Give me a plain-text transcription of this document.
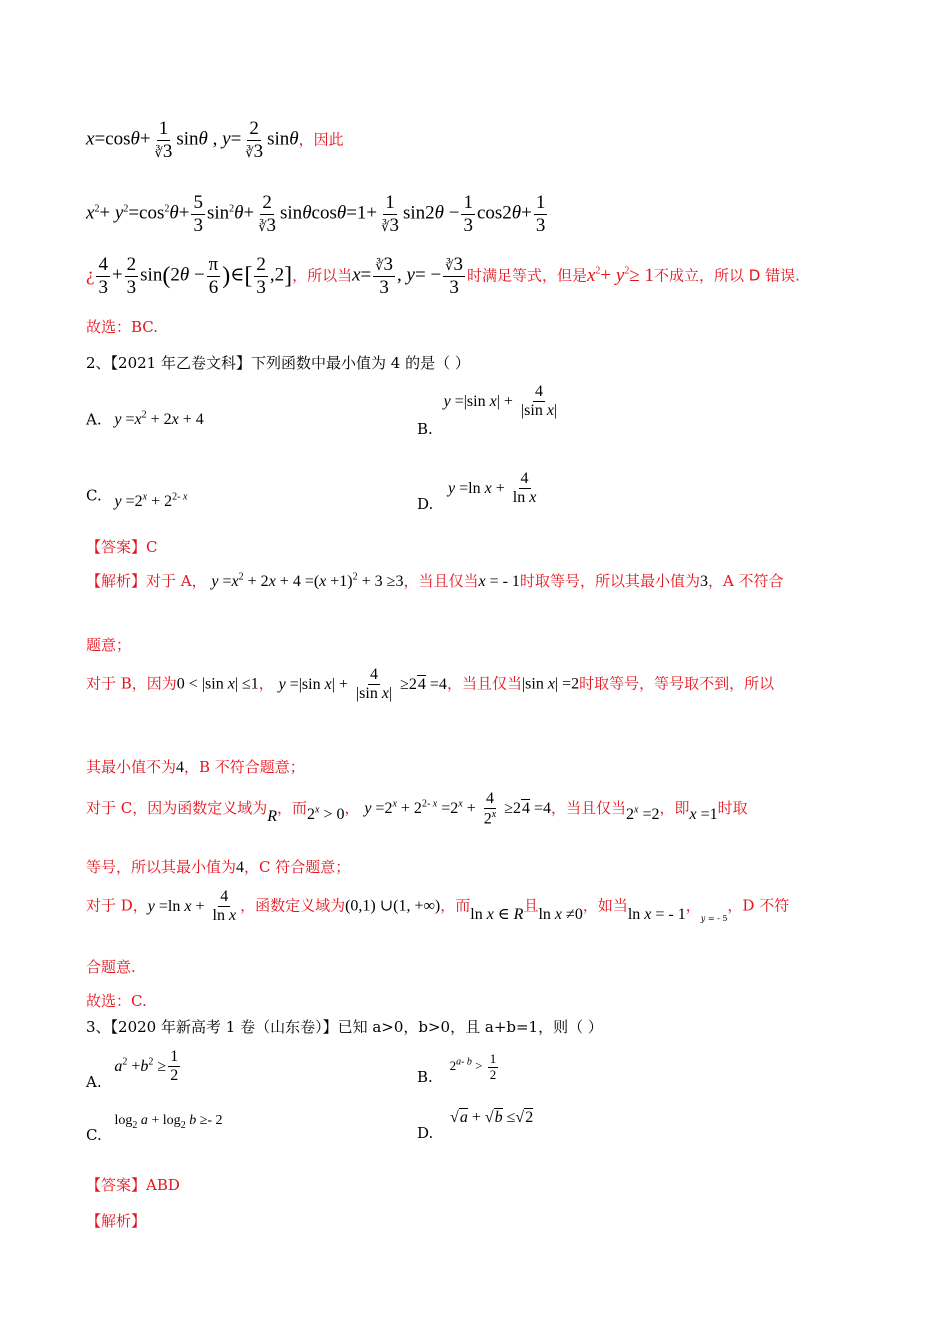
$x=\cos\theta+ \frac{1}{∛3}$ sinθ , $y= \frac{2}{∛3}$ sinθ，因此
$x^2+ y^2=\cos^2\theta+ \frac{5}{3} \sin^2\theta+ \frac{2}{∛3} \sin\theta\cos\theta=1+ \frac{1}{∛3} \sin 2\theta - \frac{1}{3} \cos 2\theta+ \frac{1}{3}$
¿ $\frac{4}{3} + \frac{2}{3} \sin(2\theta - \frac{\pi}{6}$ )∈[ $\frac{2}{3} ,2$]，所以当$x= \frac{∛3}{3}$ , $y= - \frac{∛3}{3}$ 时满足等式，但是$x^2+ y^2\ge 1$不成立，所以 D 错误.
故选：BC.
2、【2021 年乙卷文科】下列函数中最小值为 4 的是（ ）
A. $y =x^2 + 2x + 4$	B. y =|sin $x| + \frac{4}{\text{|sin x|}}$
C. $y =2^x + 2^{2- x}$	D. y =ln $x + \frac{4}{\text{ln x}}$
【答案】C
【解析】对于 A， $y =x^2 + 2x + 4 =(x +1)^2 + 3 \ge 3$，当且仅当x = - 1时取等号，所以其最小值为3，A 不符合
题意；
对于 B，因为0 < |sin x| ≤1， y =|sin $x| + \frac{4}{\text{|sin x|}} \ge 24 =4$，当且仅当|sin x| =2时取等号，等号取不到，所以
其最小值不为4，B 不符合题意；
对于 C，因为函数定义域为R，而$2^x > 0$， $y =2^x + 2^{2- x} =2^x + \frac{4}{2^x} \ge 24 =4$，当且仅当$2^x =2$，即x =1时取
等号，所以其最小值为4，C 符合题意；
对于 D，y =ln $x + \frac{4}{\text{ln x}}$ ，函数定义域为(0,1) ∪(1, +∞)，而ln x ∈ R且ln x ≠0，如当ln x = - 1，$_{y = - 5}$，D 不符
合题意.
故选：C.
3、【2020 年新高考 1 卷（山东卷）】已知 a>0，b>0，且 a+b=1，则（ ）
A. $a^2 +b^2 \ge \frac{1}{2}$	B. $2^{a- b} > \frac{1}{2}$
C. $\log_2 a + \log_2 b \ge- 2$
D. √a + √b ≤√2
【答案】ABD
【解析】
